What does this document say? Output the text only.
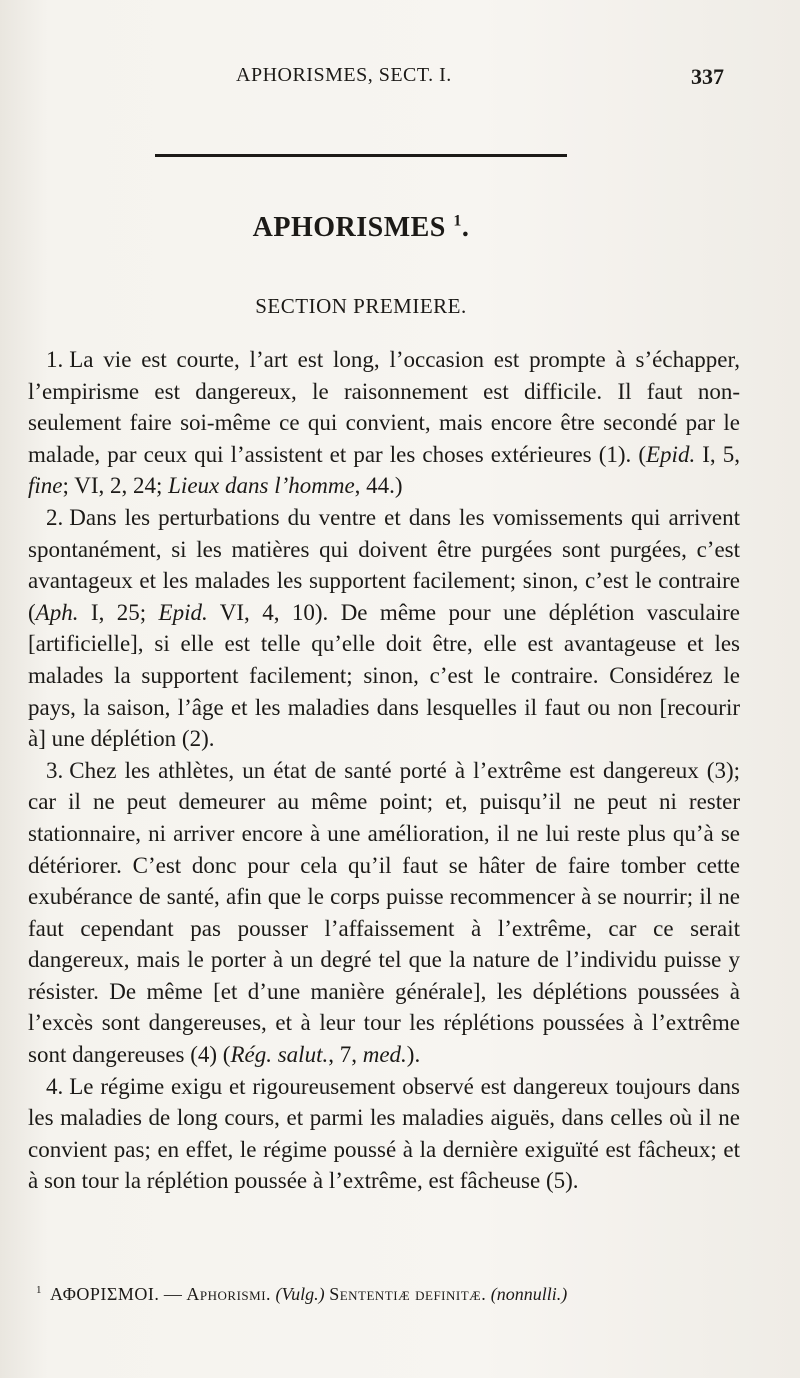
APHORISMES, SECT. I.	337
APHORISMES $^1$.
SECTION PREMIERE.

1. La vie est courte, l’art est long, l’occasion est prompte à s’échapper, l’empirisme est dangereux, le raisonnement est difficile. Il faut non-seulement faire soi-même ce qui convient, mais encore être secondé par le malade, par ceux qui l’assistent et par les choses extérieures (1). (Epid. I, 5, fine; VI, 2, 24; Lieux dans l’homme, 44.)

2. Dans les perturbations du ventre et dans les vomissements qui arrivent spontanément, si les matières qui doivent être purgées sont purgées, c’est avantageux et les malades les supportent facilement; sinon, c’est le contraire (Aph. I, 25; Epid. VI, 4, 10). De même pour une déplétion vasculaire [artificielle], si elle est telle qu’elle doit être, elle est avantageuse et les malades la supportent facilement; sinon, c’est le contraire. Considérez le pays, la saison, l’âge et les maladies dans lesquelles il faut ou non [recourir à] une déplétion (2).

3. Chez les athlètes, un état de santé porté à l’extrême est dangereux (3); car il ne peut demeurer au même point; et, puisqu’il ne peut ni rester stationnaire, ni arriver encore à une amélioration, il ne lui reste plus qu’à se détériorer. C’est donc pour cela qu’il faut se hâter de faire tomber cette exubérance de santé, afin que le corps puisse recommencer à se nourrir; il ne faut cependant pas pousser l’affaissement à l’extrême, car ce serait dangereux, mais le porter à un degré tel que la nature de l’individu puisse y résister. De même [et d’une manière générale], les déplétions poussées à l’excès sont dangereuses, et à leur tour les réplétions poussées à l’extrême sont dangereuses (4) (Rég. salut., 7, med.).

4. Le régime exigu et rigoureusement observé est dangereux toujours dans les maladies de long cours, et parmi les maladies aiguës, dans celles où il ne convient pas; en effet, le régime poussé à la dernière exiguïté est fâcheux; et à son tour la réplétion poussée à l’extrême, est fâcheuse (5).

$^1$ ΑΦΟΡΙΣΜΟΙ. — Aphorismi. (Vulg.) Sententiæ definitæ. (nonnulli.)
